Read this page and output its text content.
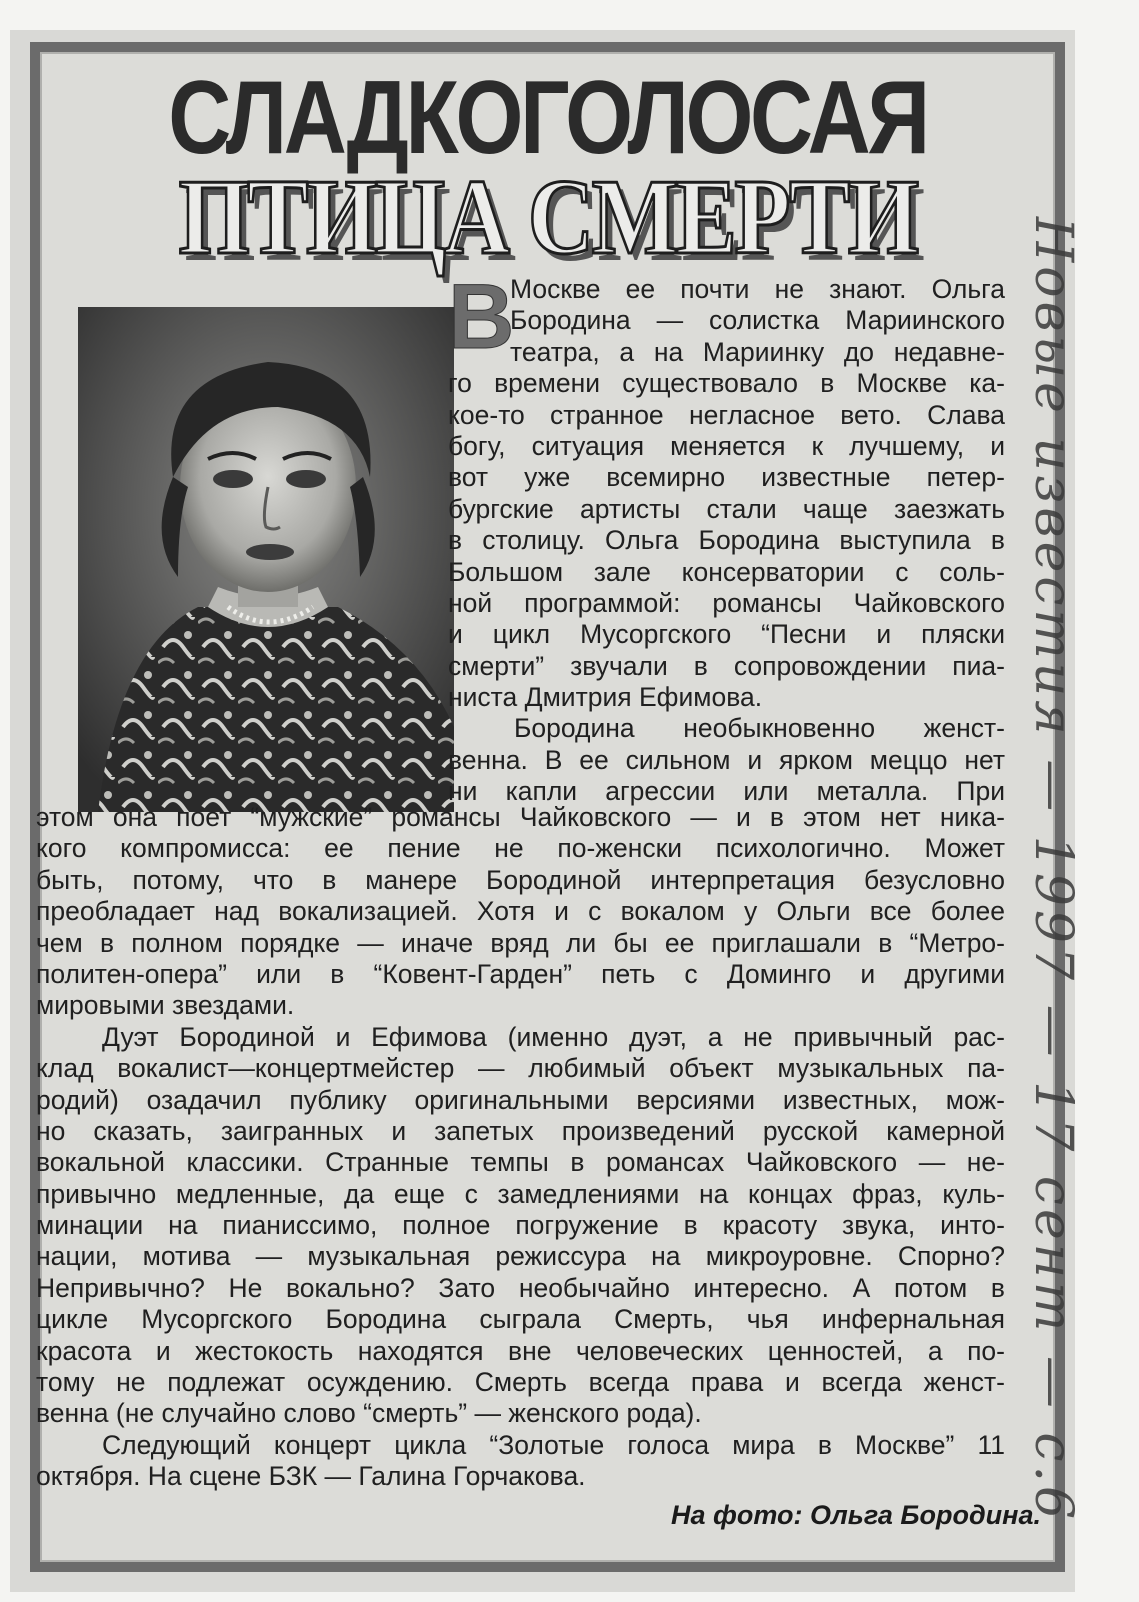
СЛАДКОГОЛОСАЯ
ПТИЦА СМЕРТИ
В
Москве ее почти не знают. Ольга
Бородина — солистка Мариинского
театра, а на Мариинку до недавне-
го времени существовало в Москве ка-
кое-то странное негласное вето. Слава
богу, ситуация меняется к лучшему, и
вот уже всемирно известные петер-
бургские артисты стали чаще заезжать
в столицу. Ольга Бородина выступила в
Большом зале консерватории с соль-
ной программой: романсы Чайковского
и цикл Мусоргского “Песни и пляски
смерти” звучали в сопровождении пиа-
ниста Дмитрия Ефимова.
Бородина необыкновенно женст-
венна. В ее сильном и ярком меццо нет
ни капли агрессии или металла. При
этом она поет “мужские” романсы Чайковского — и в этом нет ника-
кого компромисса: ее пение не по-женски психологично. Может
быть, потому, что в манере Бородиной интерпретация безусловно
преобладает над вокализацией. Хотя и с вокалом у Ольги все более
чем в полном порядке — иначе вряд ли бы ее приглашали в “Метро-
политен-опера” или в “Ковент-Гарден” петь с Доминго и другими
мировыми звездами.
Дуэт Бородиной и Ефимова (именно дуэт, а не привычный рас-
клад вокалист—концертмейстер — любимый объект музыкальных па-
родий) озадачил публику оригинальными версиями известных, мож-
но сказать, заигранных и запетых произведений русской камерной
вокальной классики. Странные темпы в романсах Чайковского — не-
привычно медленные, да еще с замедлениями на концах фраз, куль-
минации на пианиссимо, полное погружение в красоту звука, инто-
нации, мотива — музыкальная режиссура на микроуровне. Спорно?
Непривычно? Не вокально? Зато необычайно интересно. А потом в
цикле Мусоргского Бородина сыграла Смерть, чья инфернальная
красота и жестокость находятся вне человеческих ценностей, а по-
тому не подлежат осуждению. Смерть всегда права и всегда женст-
венна (не случайно слово “смерть” — женского рода).
Следующий концерт цикла “Золотые голоса мира в Москве” 11
октября. На сцене БЗК — Галина Горчакова.
На фото: Ольга Бородина.
Новые известия — 1997 — 17 сент — с.6
